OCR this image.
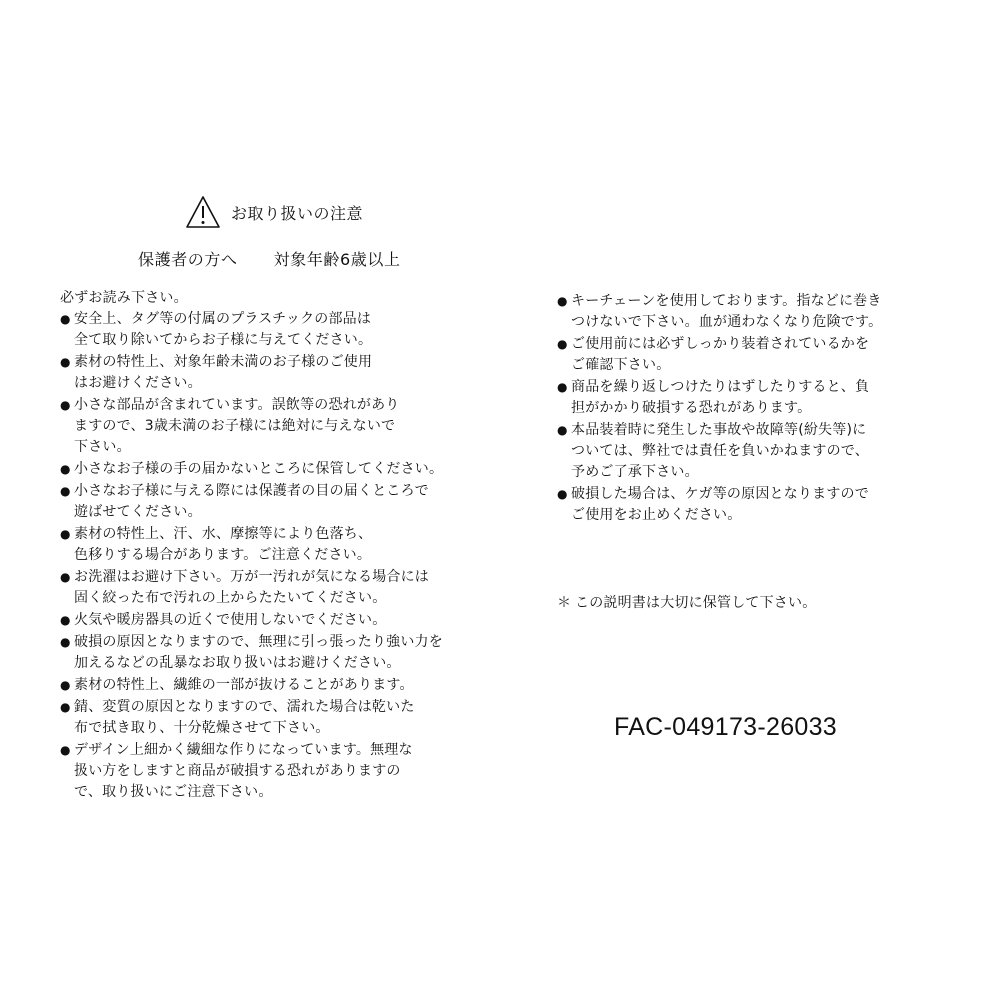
お取り扱いの注意
保護者の方へ 対象年齢6歳以上
必ずお読み下さい。
● 安全上、タグ等の付属のプラスチックの部品は
全て取り除いてからお子様に与えてください。
● 素材の特性上、対象年齢未満のお子様のご使用
はお避けください。
● 小さな部品が含まれています。誤飲等の恐れがあり
ますので、3歳未満のお子様には絶対に与えないで
下さい。
● 小さなお子様の手の届かないところに保管してください。
● 小さなお子様に与える際には保護者の目の届くところで
遊ばせてください。
● 素材の特性上、汗、水、摩擦等により色落ち、
色移りする場合があります。ご注意ください。
● お洗濯はお避け下さい。万が一汚れが気になる場合には
固く絞った布で汚れの上からたたいてください。
● 火気や暖房器具の近くで使用しないでください。
● 破損の原因となりますので、無理に引っ張ったり強い力を
加えるなどの乱暴なお取り扱いはお避けください。
● 素材の特性上、繊維の一部が抜けることがあります。
● 錆、変質の原因となりますので、濡れた場合は乾いた
布で拭き取り、十分乾燥させて下さい。
● デザイン上細かく繊細な作りになっています。無理な
扱い方をしますと商品が破損する恐れがありますの
で、取り扱いにご注意下さい。
● キーチェーンを使用しております。指などに巻き
つけないで下さい。血が通わなくなり危険です。
● ご使用前には必ずしっかり装着されているかを
ご確認下さい。
● 商品を繰り返しつけたりはずしたりすると、負
担がかかり破損する恐れがあります。
● 本品装着時に発生した事故や故障等(紛失等)に
ついては、弊社では責任を負いかねますので、
予めご了承下さい。
● 破損した場合は、ケガ等の原因となりますので
ご使用をお止めください。
＊ この説明書は大切に保管して下さい。
FAC-049173-26033
